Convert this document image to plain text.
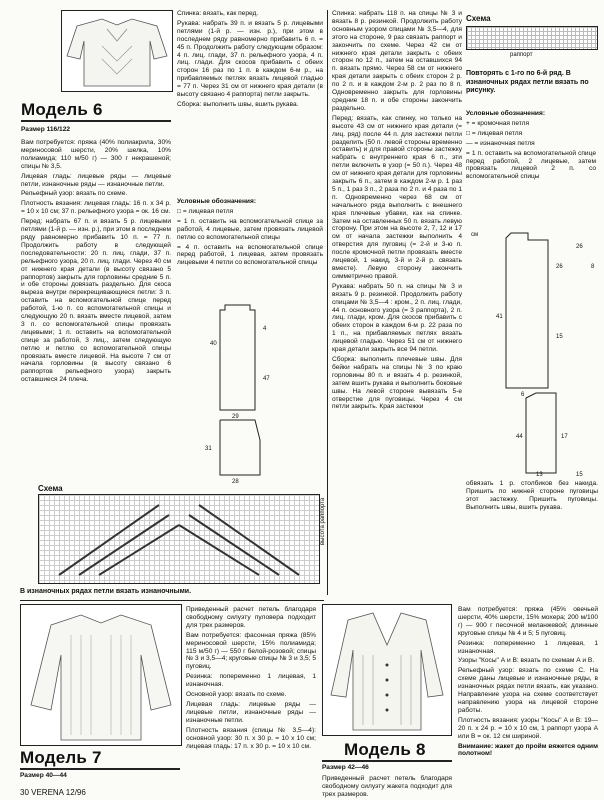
Модель 6
Размер 116/122

Вам потребуется: пряжа (40% полиакрила, 30% мериносовой шерсти, 20% шелка, 10% полиамида; 110 м/50 г) — 300 г некрашеной; спицы № 3,5.

Лицевая гладь: лицевые ряды — лицевые петли, изнаночные ряды — изнаночные петли.

Рельефный узор: вязать по схеме.

Плотность вязания: лицевая гладь: 16 п. х 34 р. = 10 х 10 см; 37 п. рельефного узора = ок. 16 см.

Перед: набрать 67 п. и вязать 5 р. лицевыми петлями (1-й р. — изн. р.), при этом в последнем ряду равномерно прибавить 10 п. = 77 п. Продолжить работу в следующей последовательности: 20 п. лиц. глади, 37 п. рельефного узора, 20 п. лиц. глади. Через 40 см от нижнего края детали (в высоту связано 5 раппортов) закрыть для горловины средние 5 п. и обе стороны довязать раздельно. Для скоса выреза внутри перекрещивающиеся петли: 3 п. оставить на вспомогательной спице перед работой, 1-ю п. со вспомогательной спицы и следующую 20 п. вязать вместе лицевой, затем 3 п. со вспомогательной спицы провязать лицевыми; 1 п. оставить на вспомогательной спице за работой, 3 лиц., затем следующую петлю и петлю со вспомогательной спицы провязать вместе лицевой. На высоте 7 см от начала горловины (в высоту связано 6 раппортов рельефного узора) закрыть оставшиеся 24 плеча.

Спинка: вязать, как перед.

Рукава: набрать 39 п. и вязать 5 р. лицевыми петлями (1-й р. — изн. р.), при этом в последнем ряду равномерно прибавить 6 п. = 45 п. Продолжить работу следующим образом: 4 п. лиц. глади, 37 п. рельефного узора, 4 п. лиц. глади. Для скосов прибавить с обеих сторон 16 раз по 1 п. в каждом 6-м р., на прибавляемых петлях вязать лицевой гладью = 77 п. Через 31 см от нижнего края детали (в высоту связано 4 раппорта) петли закрыть.

Сборка: выполнить швы, вшить рукава.

Условные обозначения:

□ = лицевая петля

= 1 п. оставить на вспомогательной спице за работой, 4 лицевые, затем провязать лицевой петлю со вспомогательной спицы

= 4 п. оставить на вспомогательной спице перед работой, 1 лицевая, затем провязать лицевыми 4 петли со вспомогательной спицы

40
4
47
29
31
28
Схема
высота раппорта
В изнаночных рядах петли вязать изнаночными.

Спинка: набрать 118 п. на спицы № 3 и вязать 8 р. резинкой. Продолжить работу основным узором спицами № 3,5—4, для этого на стороне, 9 раз связать раппорт и закончить по схеме. Через 42 см от нижнего края детали закрыть с обеих сторон по 12 п., затем на оставшихся 94 п. вязать прямо. Через 58 см от нижнего края детали закрыть с обеих сторон 2 р. по 2 п. и в каждом 2-м р. 2 раз по 8 п. Одновременно закрыть для горловины средние 18 п. и обе стороны закончить раздельно.

Перед: вязать, как спинку, но только на высоте 43 см от нижнего края детали (= лиц. ряд) после 44 п. для застежки петли разделить (50 п. левой стороны временно оставить) и для правой стороны застежку набрать с внутреннего края 6 п., эти петли включить в узор (= 50 п.). Через 48 см от нижнего края детали для горловины закрыть 6 п., затем в каждом 2-м р. 1 раз 5 п., 1 раз 3 п., 2 раза по 2 п. и 4 раза по 1 п. Одновременно через 68 см от начального ряда выполнить с внешнего края плечевые убавки, как на спинке. Затем на оставленных 50 п. вязать левую сторону. При этом на высоте 2, 7, 12 и 17 см от начала застежки выполнить 4 отверстия для пуговиц (= 2-й и 3-ю п. после кромочной петли провязать вместе лицевой, 1 накид, 3-й и 2-й р. связать вместе). Левую сторону закончить симметрично правой.

Рукава: набрать 50 п. на спицы № 3 и вязать 9 р. резинкой. Продолжить работу спицами № 3,5—4 : кром., 2 п. лиц. глади, 44 п. основного узора (= 3 раппорта), 2 п. лиц. глади, кром. Для скосов прибавить с обеих сторон в каждом 6-м р. 22 раза по 1 п., на прибавляемых петлях вязать лицевой гладью. Через 51 см от нижнего края детали закрыть все 94 петли.

Сборка: выполнить плечевые швы. Для бейки набрать на спицы № 3 по краю горловины 80 п. и вязать 4 р. резинкой, затем вшить рукава и выполнить боковые швы. На левой стороне вывязать 5-е отверстие для пуговицы. Через 4 см петли закрыть. Края застежки

Схема
раппорт
Повторять с 1-го по 6-й ряд. В изнаночных рядах петли вязать по рисунку.

Условные обозначения:

+ = кромочная петля

□ = лицевая петля

— = изнаночная петля

= 1 п. оставить на вспомогательной спице перед работой, 2 лицевые, затем провязать лицевой 2 п. со вспомогательной спицы

см
26
41
15
6
44	17
13	15
8
26
обвязать 1 р. столбиков без накида. Пришить по нижней стороне пуговицы этот застежку. Пришить пуговицы. Выполнить швы, вшить рукава.
Модель 7
Размер 40—44

Приведенный расчет петель благодаря свободному силуэту пуловера подходит для трех размеров.

Вам потребуется: фасонная пряжа (85% мериносовой шерсти, 15% полиамида; 115 м/50 г) — 550 г белой-розовой; спицы № 3 и 3,5—4; круговые спицы № 3 и 3,5; 5 пуговиц.

Резинка: попеременно 1 лицевая, 1 изнаночная.

Основной узор: вязать по схеме.

Лицевая гладь: лицевые ряды — лицевые петли, изнаночные ряды — изнаночные петли.

Плотность вязания (спицы № 3,5—4): основной узор: 30 п. х 30 р. = 10 х 10 см; лицевая гладь: 17 п. х 30 р. = 10 х 10 см. Модель 8
Размер 42—46
Приведенный расчет петель благодаря свободному силуэту жакета подходит для трех размеров.

Вам потребуется: пряжа (45% овечьей шерсти, 40% шерсти, 15% мохера; 200 м/100 г) — 900 г песочной меланжевой; длинные круговые спицы № 4 и 5; 5 пуговиц.

Резинка: попеременно 1 лицевая, 1 изнаночная.

Узоры "Косы" А и В: вязать по схемам А и В.

Рельефный узор: вязать по схеме С. На схеме даны лицевые и изнаночные ряды, в изнаночных рядах петли вязать, как указано. Направление узора на схеме соответствует направлению узора на лицевой стороне работы.

Плотность вязания: узоры "Косы" А и В: 19—20 п. х 24 р. = 10 х 10 см, 1 раппорт узора А или В = ок. 12 см шириной.

Внимание: жакет до пройм вяжется одним полотном!

30 VERENA 12/96
